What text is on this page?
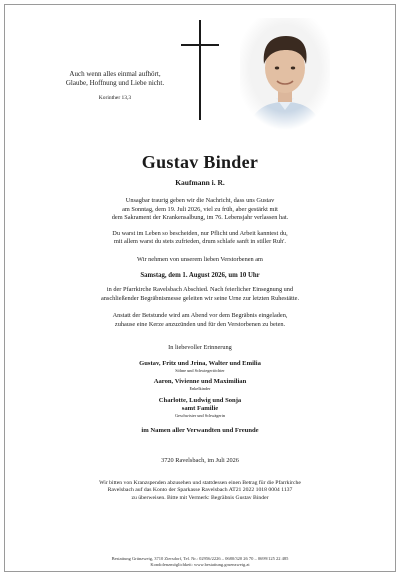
Auch wenn alles einmal aufhört,
Glaube, Hoffnung und Liebe nicht.
Korinther 13,3
Gustav Binder
Kaufmann i. R.

Unsagbar traurig geben wir die Nachricht, dass uns Gustav

am Sonntag, dem 19. Juli 2026, viel zu früh, aber gestärkt mit

dem Sakrament der Krankensalbung, im 76. Lebensjahr verlassen hat.

Du warst im Leben so bescheiden, nur Pflicht und Arbeit kanntest du,

mit allem warst du stets zufrieden, drum schlafe sanft in stiller Ruh'.

Wir nehmen von unserem lieben Verstorbenen am

Samstag, dem 1. August 2026, um 10 Uhr

in der Pfarrkirche Ravelsbach Abschied. Nach feierlicher Einsegnung und

anschließender Begräbnismesse geleiten wir seine Urne zur letzten Ruhestätte.

Anstatt der Betstunde wird am Abend vor dem Begräbnis eingeladen,

zuhause eine Kerze anzuzünden und für den Verstorbenen zu beten.

In liebevoller Erinnerung

Gustav, Fritz und Jrina, Walter und Emilia
Söhne und Schwiegertöchter
Aaron, Vivienne und Maximilian
Enkelkinder
Charlotte, Ludwig und Sonja
samt Familie
Geschwister und Schwägerin
im Namen aller Verwandten und Freunde

3720 Ravelsbach, im Juli 2026

Wir bitten von Kranzspenden abzusehen und stattdessen einen Betrag für die Pfarrkirche

Ravelsbach auf das Konto der Sparkasse Ravelsbach AT21 2022 1018 0004 1137

zu überweisen. Bitte mit Vermerk: Begräbnis Gustav Binder

Bestattung Grünzweig, 3710 Ziersdorf, Tel. Nr.: 02956/2226 – 0680/320 26 70 – 0699/125 22 485
Kondolenzmöglichkeit: www.bestattung.gruenzweig.at
